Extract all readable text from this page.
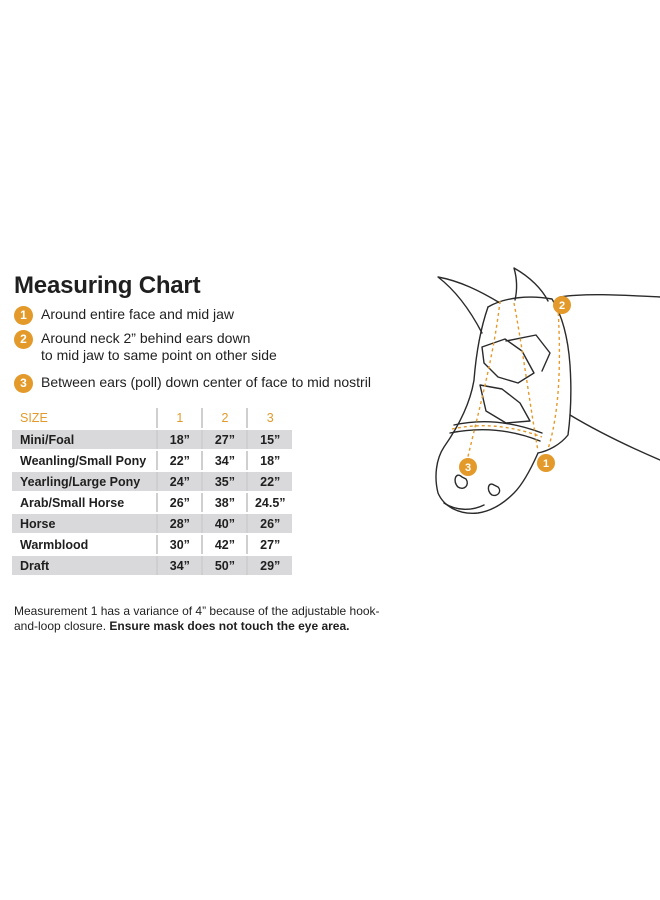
Measuring Chart
1	Around entire face and mid jaw
2	Around neck 2” behind ears down
to mid jaw to same point on other side
3	Between ears (poll) down center of face to mid nostril
SIZE	1	2	3
Mini/Foal	18”	27”	15”
Weanling/Small Pony	22”	34”	18”
Yearling/Large Pony	24”	35”	22”
Arab/Small Horse	26”	38”	24.5”
Horse	28”	40”	26”
Warmblood	30”	42”	27”
Draft	34”	50”	29”

Measurement 1 has a variance of 4” because of the adjustable hook-and-loop closure. Ensure mask does not touch the eye area.

2
1
3
